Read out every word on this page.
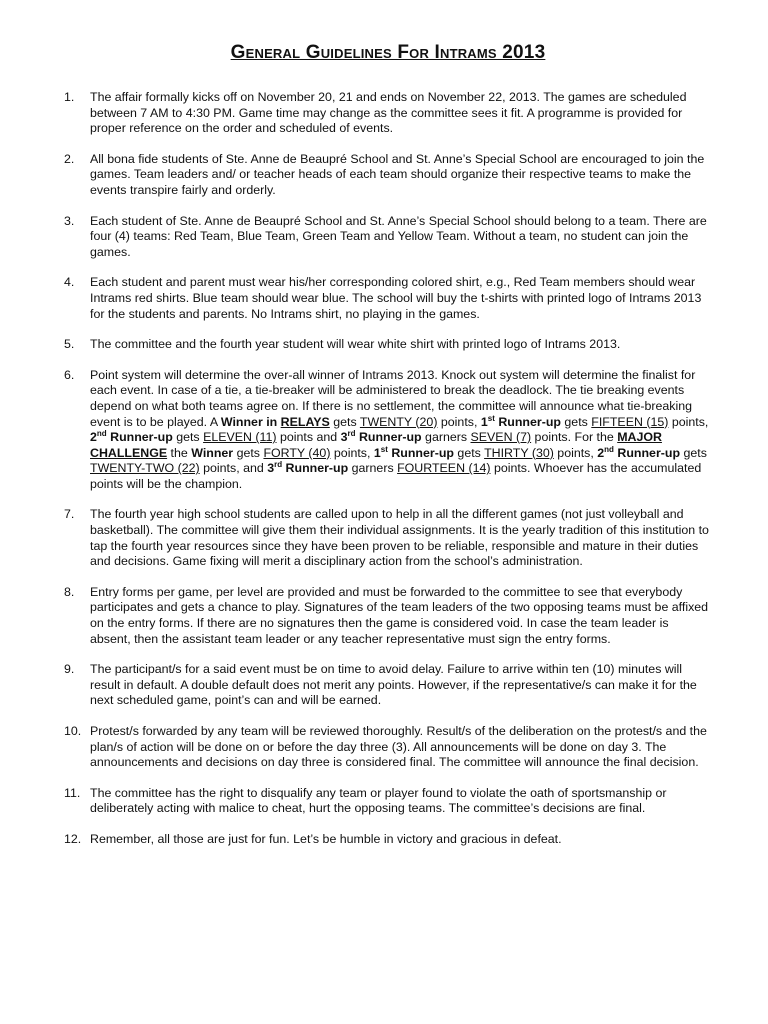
General Guidelines For Intrams 2013
1.	The affair formally kicks off on November 20, 21 and ends on November 22, 2013. The games are scheduled between 7 AM to 4:30 PM. Game time may change as the committee sees it fit. A programme is provided for proper reference on the order and scheduled of events.
2.	All bona fide students of Ste. Anne de Beaupré School and St. Anne’s Special School are encouraged to join the games. Team leaders and/ or teacher heads of each team should organize their respective teams to make the events transpire fairly and orderly.
3.	Each student of Ste. Anne de Beaupré School and St. Anne’s Special School should belong to a team. There are four (4) teams: Red Team, Blue Team, Green Team and Yellow Team. Without a team, no student can join the games.
4.	Each student and parent must wear his/her corresponding colored shirt, e.g., Red Team members should wear Intrams red shirts. Blue team should wear blue. The school will buy the t-shirts with printed logo of Intrams 2013 for the students and parents. No Intrams shirt, no playing in the games.
5.	The committee and the fourth year student will wear white shirt with printed logo of Intrams 2013.
6.	Point system will determine the over-all winner of Intrams 2013. Knock out system will determine the finalist for each event. In case of a tie, a tie-breaker will be administered to break the deadlock. The tie breaking events depend on what both teams agree on. If there is no settlement, the committee will announce what tie-breaking event is to be played. A Winner in RELAYS gets TWENTY (20) points, 1st Runner-up gets FIFTEEN (15) points, 2nd Runner-up gets ELEVEN (11) points and 3rd Runner-up garners SEVEN (7) points. For the MAJOR CHALLENGE the Winner gets FORTY (40) points, 1st Runner-up gets THIRTY (30) points, 2nd Runner-up gets TWENTY-TWO (22) points, and 3rd Runner-up garners FOURTEEN (14) points. Whoever has the accumulated points will be the champion.
7.	The fourth year high school students are called upon to help in all the different games (not just volleyball and basketball). The committee will give them their individual assignments. It is the yearly tradition of this institution to tap the fourth year resources since they have been proven to be reliable, responsible and mature in their duties and decisions. Game fixing will merit a disciplinary action from the school’s administration.
8.	Entry forms per game, per level are provided and must be forwarded to the committee to see that everybody participates and gets a chance to play. Signatures of the team leaders of the two opposing teams must be affixed on the entry forms. If there are no signatures then the game is considered void. In case the team leader is absent, then the assistant team leader or any teacher representative must sign the entry forms.
9.	The participant/s for a said event must be on time to avoid delay. Failure to arrive within ten (10) minutes will result in default. A double default does not merit any points. However, if the representative/s can make it for the next scheduled game, point’s can and will be earned.
10. Protest/s forwarded by any team will be reviewed thoroughly. Result/s of the deliberation on the protest/s and the plan/s of action will be done on or before the day three (3). All announcements will be done on day 3. The announcements and decisions on day three is considered final. The committee will announce the final decision.
11. The committee has the right to disqualify any team or player found to violate the oath of sportsmanship or deliberately acting with malice to cheat, hurt the opposing teams. The committee’s decisions are final.
12. Remember, all those are just for fun. Let’s be humble in victory and gracious in defeat.
